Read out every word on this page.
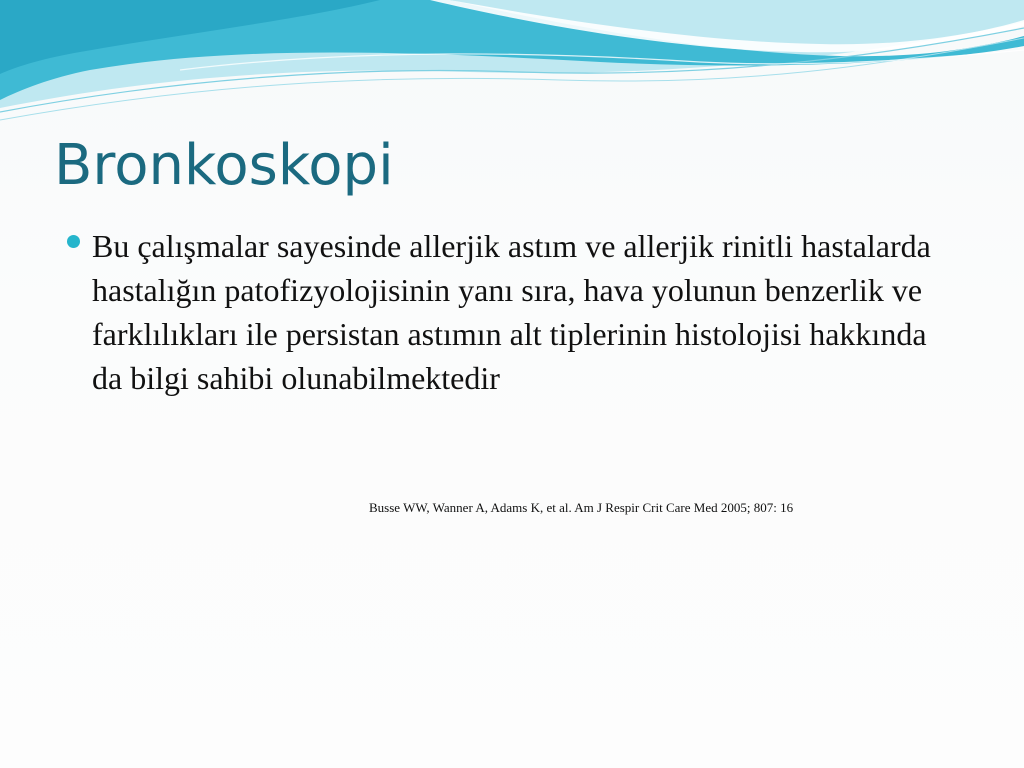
Bronkoskopi
Bu çalışmalar sayesinde allerjik astım ve allerjik rinitli hastalarda hastalığın patofizyolojisinin yanı sıra, hava yolunun benzerlik ve farklılıkları ile persistan astımın alt tiplerinin histolojisi hakkında da bilgi sahibi olunabilmektedir
Busse WW, Wanner A, Adams K, et al. Am J Respir Crit Care Med 2005; 807: 16
